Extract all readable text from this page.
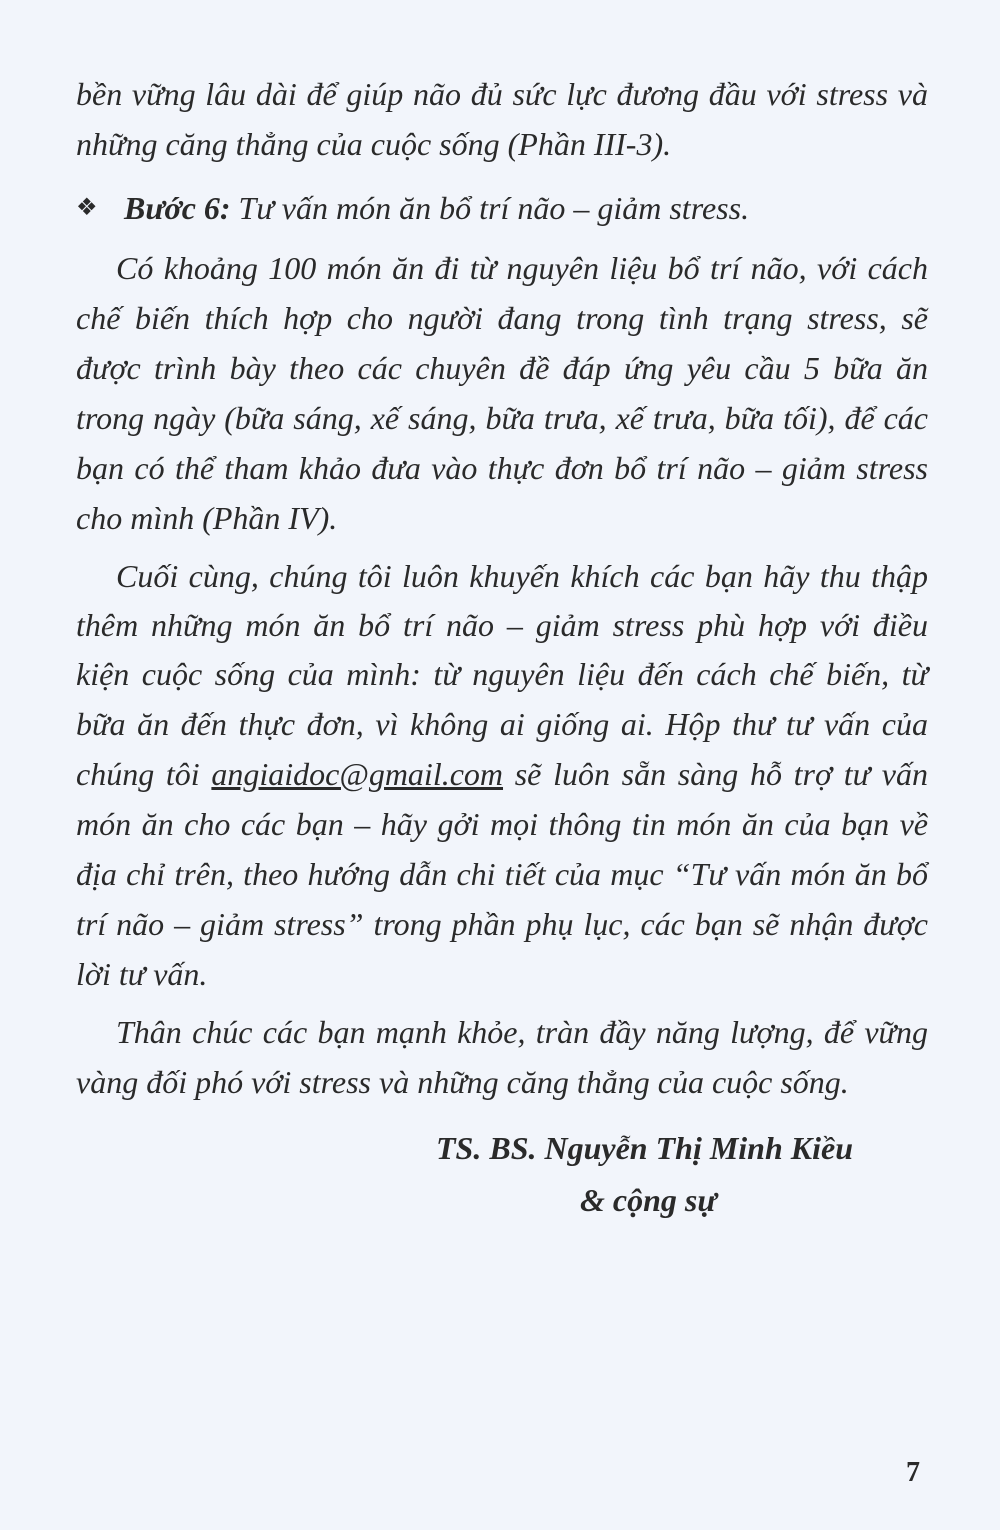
bền vững lâu dài để giúp não đủ sức lực đương đầu với stress và
những căng thẳng của cuộc sống (Phần III-3).
❖ Bước 6: Tư vấn món ăn bổ trí não – giảm stress.
Có khoảng 100 món ăn đi từ nguyên liệu bổ trí não, với cách
chế biến thích hợp cho người đang trong tình trạng stress, sẽ
được trình bày theo các chuyên đề đáp ứng yêu cầu 5 bữa ăn
trong ngày (bữa sáng, xế sáng, bữa trưa, xế trưa, bữa tối), để các
bạn có thể tham khảo đưa vào thực đơn bổ trí não – giảm stress
cho mình (Phần IV).
Cuối cùng, chúng tôi luôn khuyến khích các bạn hãy thu thập
thêm những món ăn bổ trí não – giảm stress phù hợp với điều
kiện cuộc sống của mình: từ nguyên liệu đến cách chế biến, từ
bữa ăn đến thực đơn, vì không ai giống ai. Hộp thư tư vấn của
chúng tôi angiaidoc@gmail.com sẽ luôn sẵn sàng hỗ trợ tư vấn
món ăn cho các bạn – hãy gởi mọi thông tin món ăn của bạn về
địa chỉ trên, theo hướng dẫn chi tiết của mục “Tư vấn món ăn bổ
trí não – giảm stress” trong phần phụ lục, các bạn sẽ nhận được
lời tư vấn.
Thân chúc các bạn mạnh khỏe, tràn đầy năng lượng, để vững
vàng đối phó với stress và những căng thẳng của cuộc sống.
TS. BS. Nguyễn Thị Minh Kiều
& cộng sự
7
